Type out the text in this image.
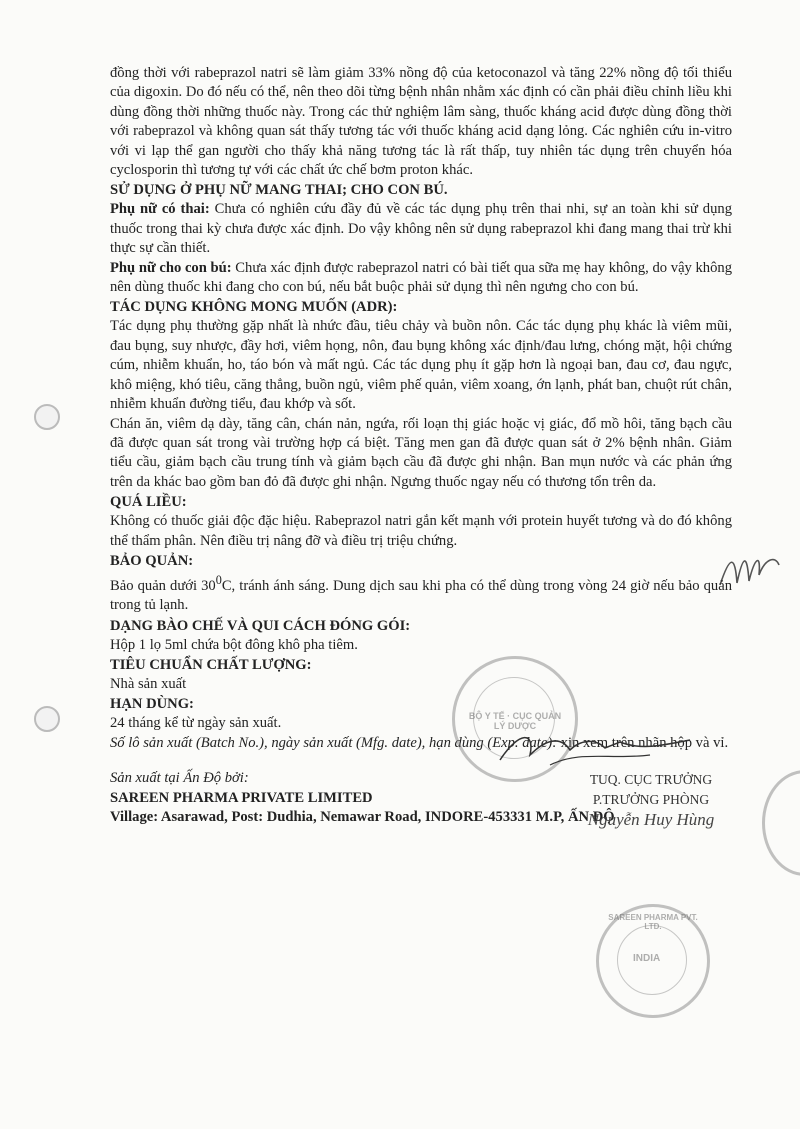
đồng thời với rabeprazol natri sẽ làm giảm 33% nồng độ của ketoconazol và tăng 22% nồng độ tối thiểu của digoxin. Do đó nếu có thể, nên theo dõi từng bệnh nhân nhằm xác định có cần phải điều chỉnh liều khi dùng đồng thời những thuốc này. Trong các thử nghiệm lâm sàng, thuốc kháng acid được dùng đồng thời với rabeprazol và không quan sát thấy tương tác với thuốc kháng acid dạng lỏng. Các nghiên cứu in-vitro với vi lạp thể gan người cho thấy khả năng tương tác là rất thấp, tuy nhiên tác dụng trên chuyển hóa cyclosporin thì tương tự với các chất ức chế bơm proton khác.

SỬ DỤNG Ở PHỤ NỮ MANG THAI; CHO CON BÚ.

Phụ nữ có thai: Chưa có nghiên cứu đầy đủ về các tác dụng phụ trên thai nhi, sự an toàn khi sử dụng thuốc trong thai kỳ chưa được xác định. Do vậy không nên sử dụng rabeprazol khi đang mang thai trừ khi thực sự cần thiết.

Phụ nữ cho con bú: Chưa xác định được rabeprazol natri có bài tiết qua sữa mẹ hay không, do vậy không nên dùng thuốc khi đang cho con bú, nếu bắt buộc phải sử dụng thì nên ngưng cho con bú.

TÁC DỤNG KHÔNG MONG MUỐN (ADR):

Tác dụng phụ thường gặp nhất là nhức đầu, tiêu chảy và buồn nôn. Các tác dụng phụ khác là viêm mũi, đau bụng, suy nhược, đầy hơi, viêm họng, nôn, đau bụng không xác định/đau lưng, chóng mặt, hội chứng cúm, nhiễm khuẩn, ho, táo bón và mất ngủ. Các tác dụng phụ ít gặp hơn là ngoại ban, đau cơ, đau ngực, khô miệng, khó tiêu, căng thẳng, buồn ngủ, viêm phế quản, viêm xoang, ớn lạnh, phát ban, chuột rút chân, nhiễm khuẩn đường tiểu, đau khớp và sốt.

Chán ăn, viêm dạ dày, tăng cân, chán nản, ngứa, rối loạn thị giác hoặc vị giác, đổ mồ hôi, tăng bạch cầu đã được quan sát trong vài trường hợp cá biệt. Tăng men gan đã được quan sát ở 2% bệnh nhân. Giảm tiểu cầu, giảm bạch cầu trung tính và giảm bạch cầu đã được ghi nhận. Ban mụn nước và các phản ứng trên da khác bao gồm ban đỏ đã được ghi nhận. Ngưng thuốc ngay nếu có thương tổn trên da.

QUÁ LIỀU:

Không có thuốc giải độc đặc hiệu. Rabeprazol natri gắn kết mạnh với protein huyết tương và do đó không thể thẩm phân. Nên điều trị nâng đỡ và điều trị triệu chứng.

BẢO QUẢN:

Bảo quản dưới $30^0C$, tránh ánh sáng. Dung dịch sau khi pha có thể dùng trong vòng 24 giờ nếu bảo quản trong tủ lạnh.

DẠNG BÀO CHẾ VÀ QUI CÁCH ĐÓNG GÓI:

Hộp 1 lọ 5ml chứa bột đông khô pha tiêm.

TIÊU CHUẨN CHẤT LƯỢNG:

Nhà sản xuất

HẠN DÙNG:

24 tháng kể từ ngày sản xuất.

Số lô sản xuất (Batch No.), ngày sản xuất (Mfg. date), hạn dùng (Exp. date): xin xem trên nhãn hộp và vỉ.

Sản xuất tại Ấn Độ bởi:

SAREEN PHARMA PRIVATE LIMITED

Village: Asarawad, Post: Dudhia, Nemawar Road, INDORE-453331 M.P, ẤN ĐỘ

BỘ Y TẾ · CỤC QUẢN LÝ DƯỢC
TUQ. CỤC TRƯỞNG
P.TRƯỞNG PHÒNG
Nguyễn Huy Hùng
SAREEN PHARMA PVT. LTD.
INDIA
